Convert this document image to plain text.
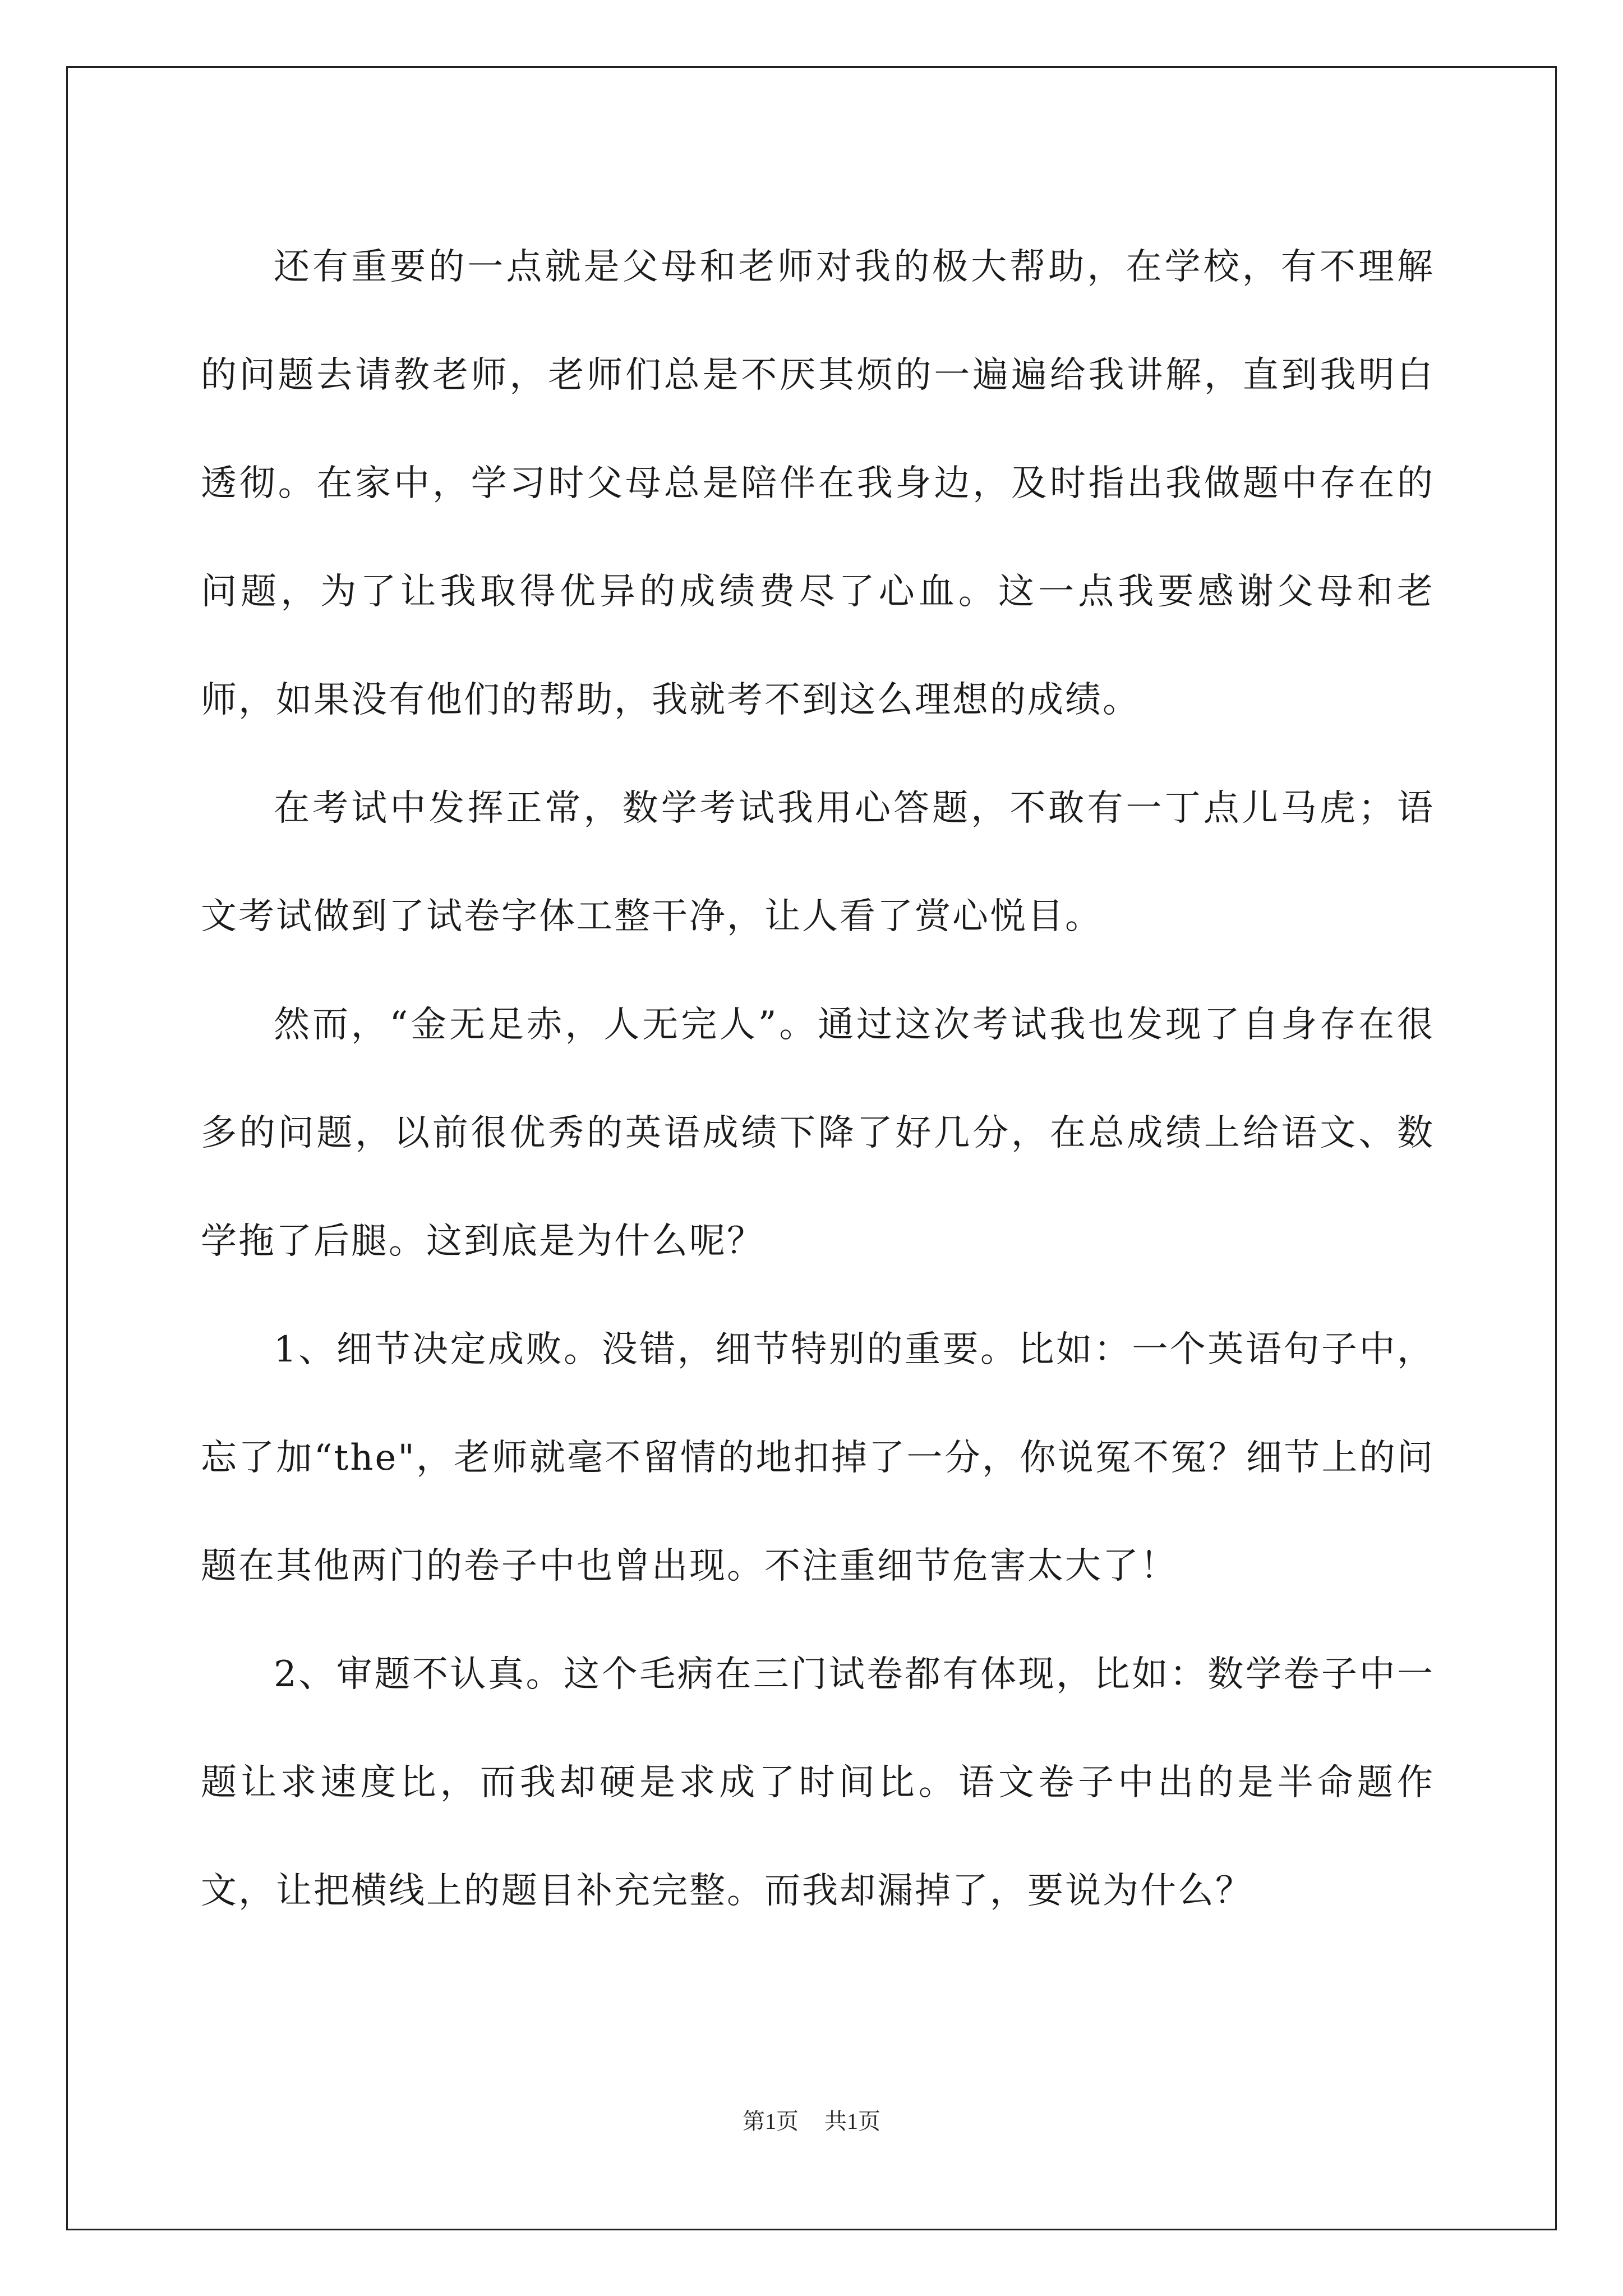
还有重要的一点就是父母和老师对我的极大帮助，在学校，有不理解的问题去请教老师，老师们总是不厌其烦的一遍遍给我讲解，直到我明白透彻。在家中，学习时父母总是陪伴在我身边，及时指出我做题中存在的问题，为了让我取得优异的成绩费尽了心血。这一点我要感谢父母和老师，如果没有他们的帮助，我就考不到这么理想的成绩。

在考试中发挥正常，数学考试我用心答题，不敢有一丁点儿马虎；语文考试做到了试卷字体工整干净，让人看了赏心悦目。

然而，“金无足赤，人无完人”。通过这次考试我也发现了自身存在很多的问题，以前很优秀的英语成绩下降了好几分，在总成绩上给语文、数学拖了后腿。这到底是为什么呢？

1、细节决定成败。没错，细节特别的重要。比如：一个英语句子中，忘了加“the"，老师就毫不留情的地扣掉了一分，你说冤不冤？细节上的问题在其他两门的卷子中也曾出现。不注重细节危害太大了！

2、审题不认真。这个毛病在三门试卷都有体现，比如：数学卷子中一题让求速度比，而我却硬是求成了时间比。语文卷子中出的是半命题作文，让把横线上的题目补充完整。而我却漏掉了，要说为什么？

第1页 共1页
